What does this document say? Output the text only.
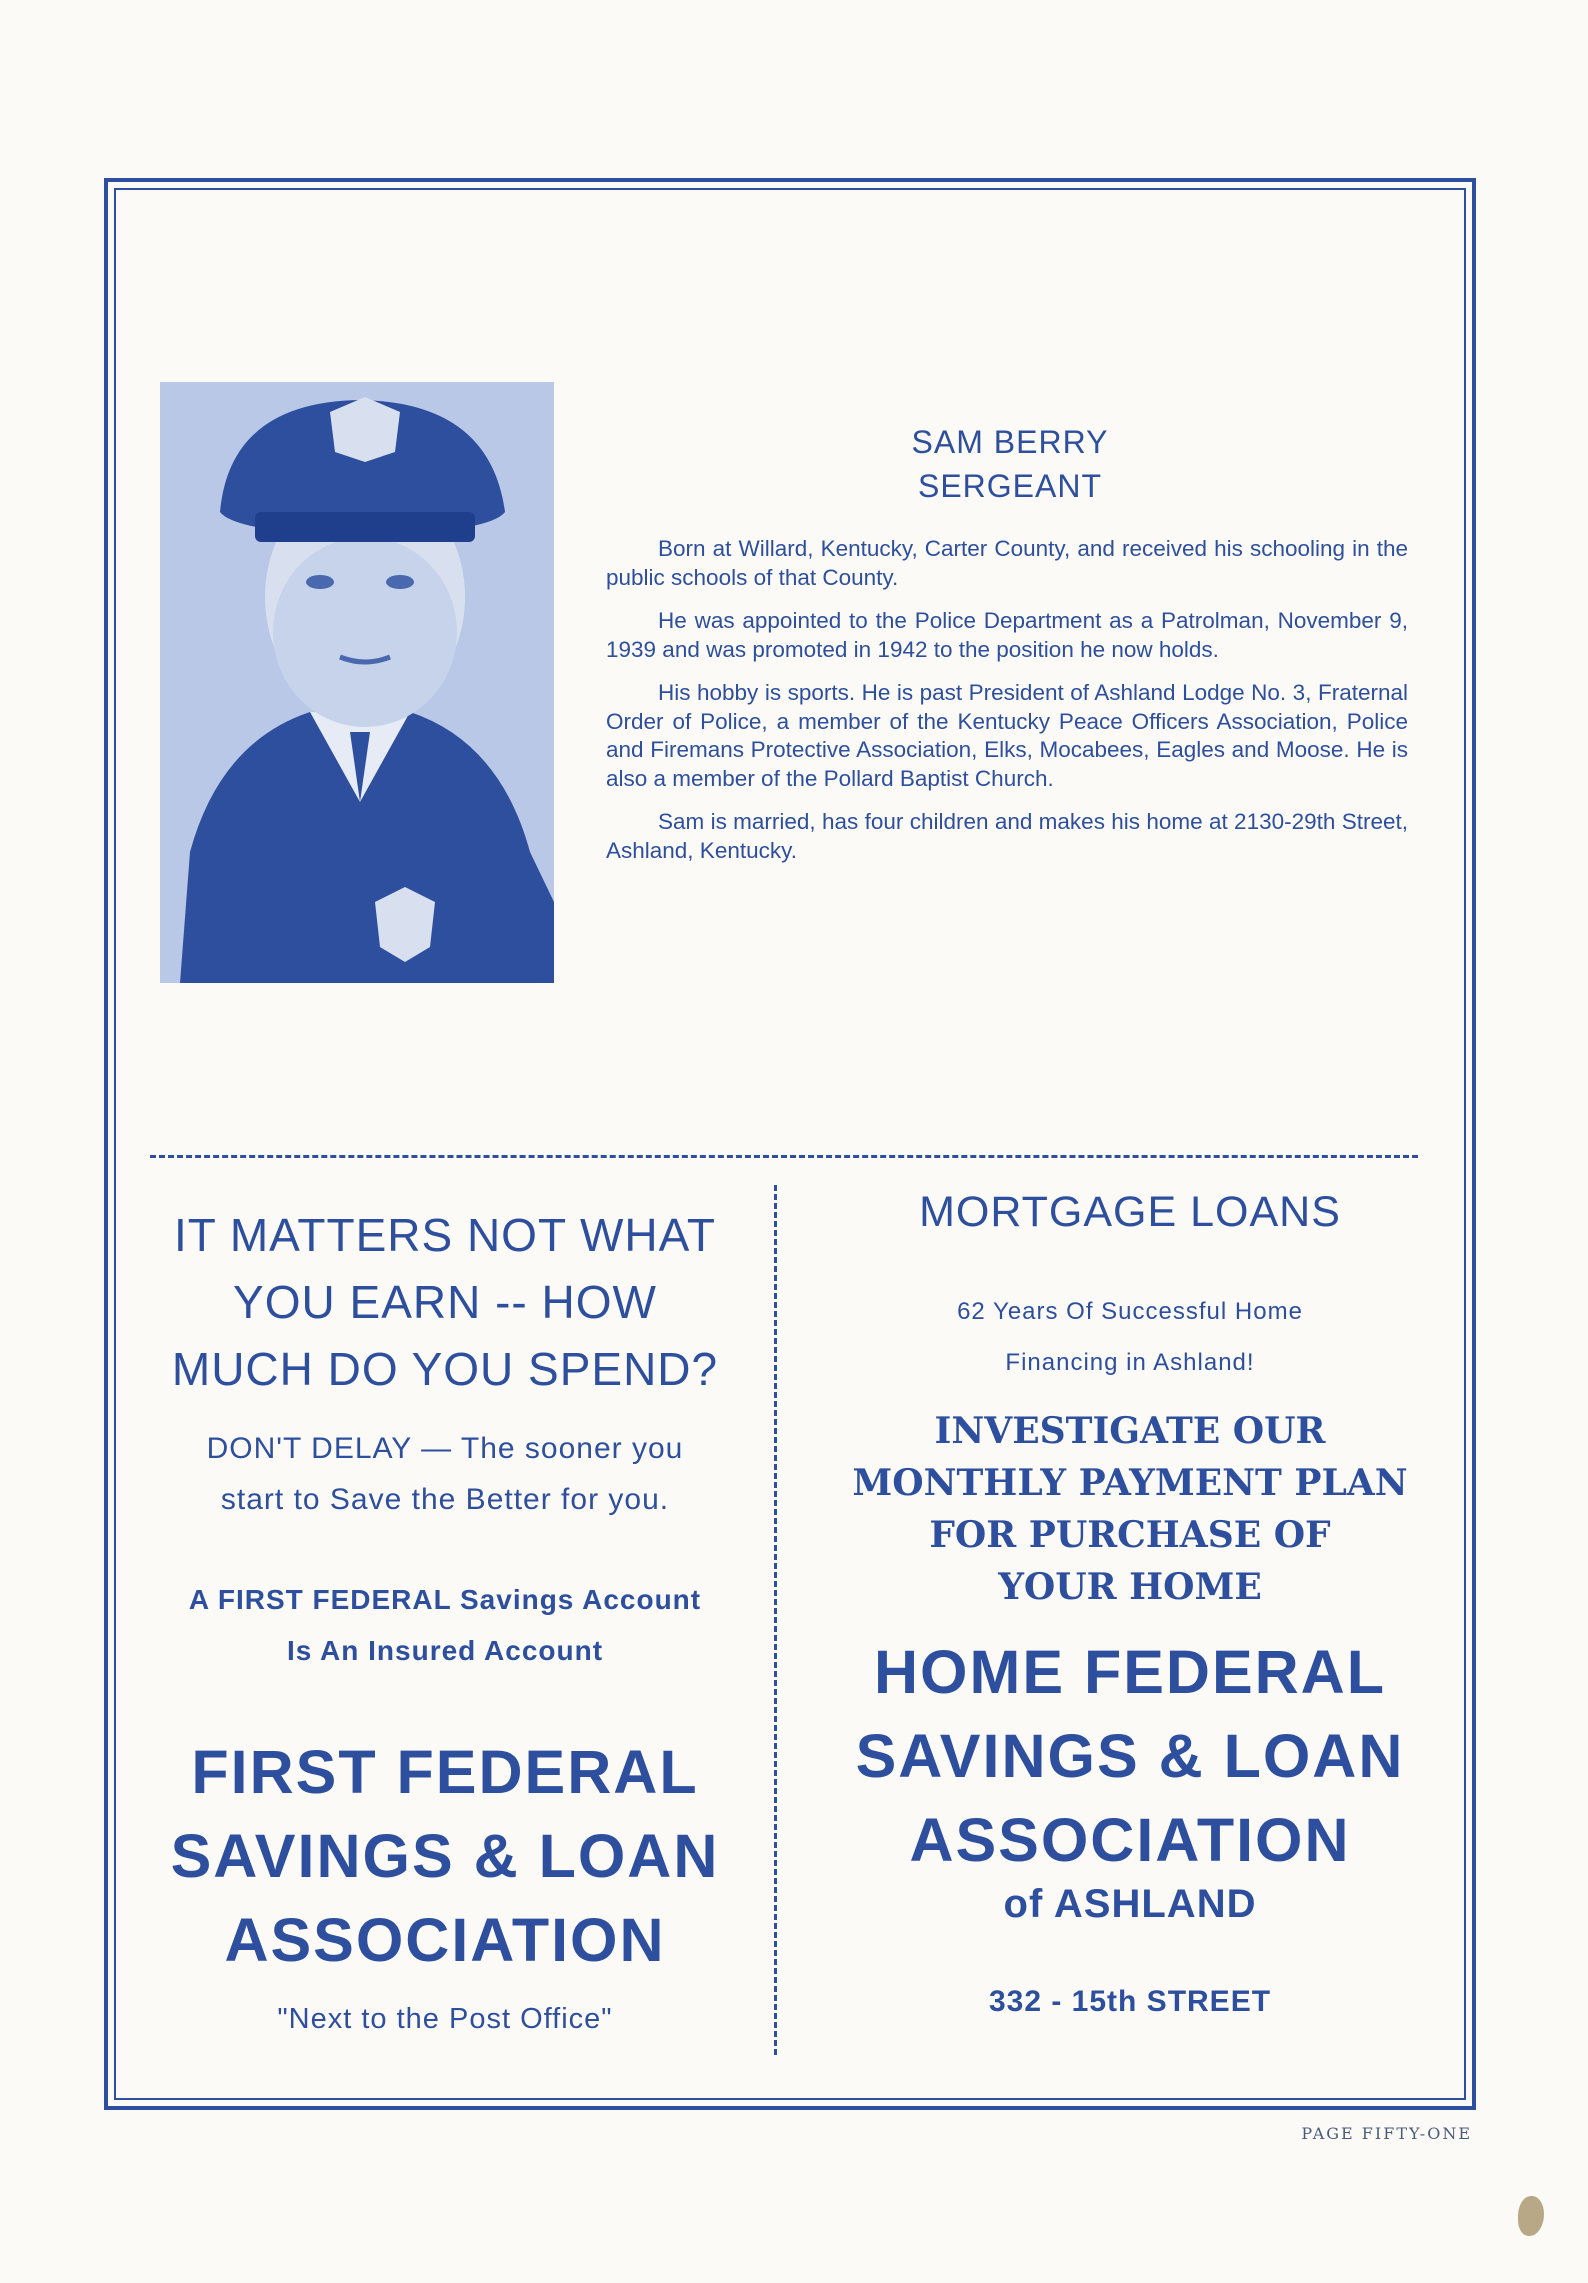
SAM BERRY
SERGEANT

Born at Willard, Kentucky, Carter County, and received his schooling in the public schools of that County.

He was appointed to the Police Department as a Patrolman, November 9, 1939 and was promoted in 1942 to the position he now holds.

His hobby is sports. He is past President of Ashland Lodge No. 3, Fraternal Order of Police, a member of the Kentucky Peace Officers Association, Police and Firemans Protective Association, Elks, Mocabees, Eagles and Moose. He is also a member of the Pollard Baptist Church.

Sam is married, has four children and makes his home at 2130-29th Street, Ashland, Kentucky.

IT MATTERS NOT WHAT
YOU EARN -- HOW
MUCH DO YOU SPEND?
DON'T DELAY — The sooner you
start to Save the Better for you.
A FIRST FEDERAL Savings Account
Is An Insured Account
FIRST FEDERAL
SAVINGS & LOAN
ASSOCIATION
"Next to the Post Office"
MORTGAGE LOANS
62 Years Of Successful Home
Financing in Ashland!
INVESTIGATE OUR
MONTHLY PAYMENT PLAN
FOR PURCHASE OF
YOUR HOME
HOME FEDERAL
SAVINGS & LOAN
ASSOCIATION
of ASHLAND
332 - 15th STREET
PAGE FIFTY-ONE
